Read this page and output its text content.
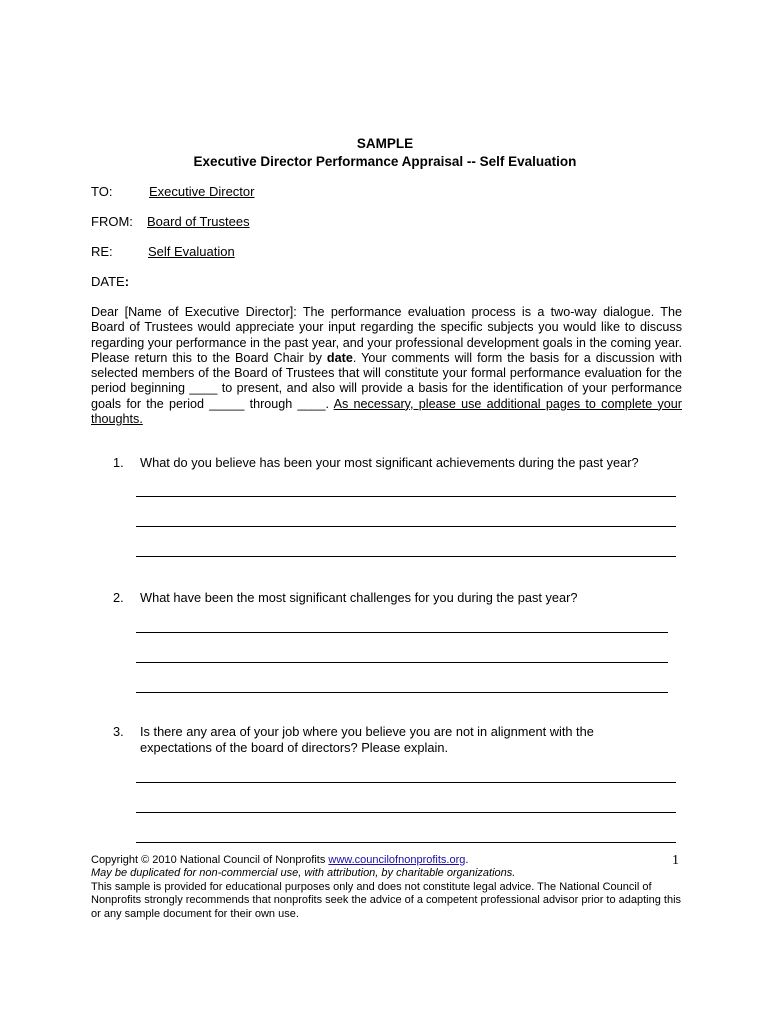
SAMPLE
Executive Director Performance Appraisal -- Self Evaluation
TO:	Executive Director
FROM: Board of Trustees
RE:	Self Evaluation
DATE:
Dear [Name of Executive Director]: The performance evaluation process is a two-way dialogue. The Board of Trustees would appreciate your input regarding the specific subjects you would like to discuss regarding your performance in the past year, and your professional development goals in the coming year. Please return this to the Board Chair by date. Your comments will form the basis for a discussion with selected members of the Board of Trustees that will constitute your formal performance evaluation for the period beginning ____ to present, and also will provide a basis for the identification of your performance goals for the period _____ through ____. As necessary, please use additional pages to complete your thoughts.
1. What do you believe has been your most significant achievements during the past year?
2. What have been the most significant challenges for you during the past year?
3. Is there any area of your job where you believe you are not in alignment with the expectations of the board of directors? Please explain.
Copyright © 2010 National Council of Nonprofits www.councilofnonprofits.org.
May be duplicated for non-commercial use, with attribution, by charitable organizations.
This sample is provided for educational purposes only and does not constitute legal advice. The National Council of Nonprofits strongly recommends that nonprofits seek the advice of a competent professional advisor prior to adapting this or any sample document for their own use.
1
